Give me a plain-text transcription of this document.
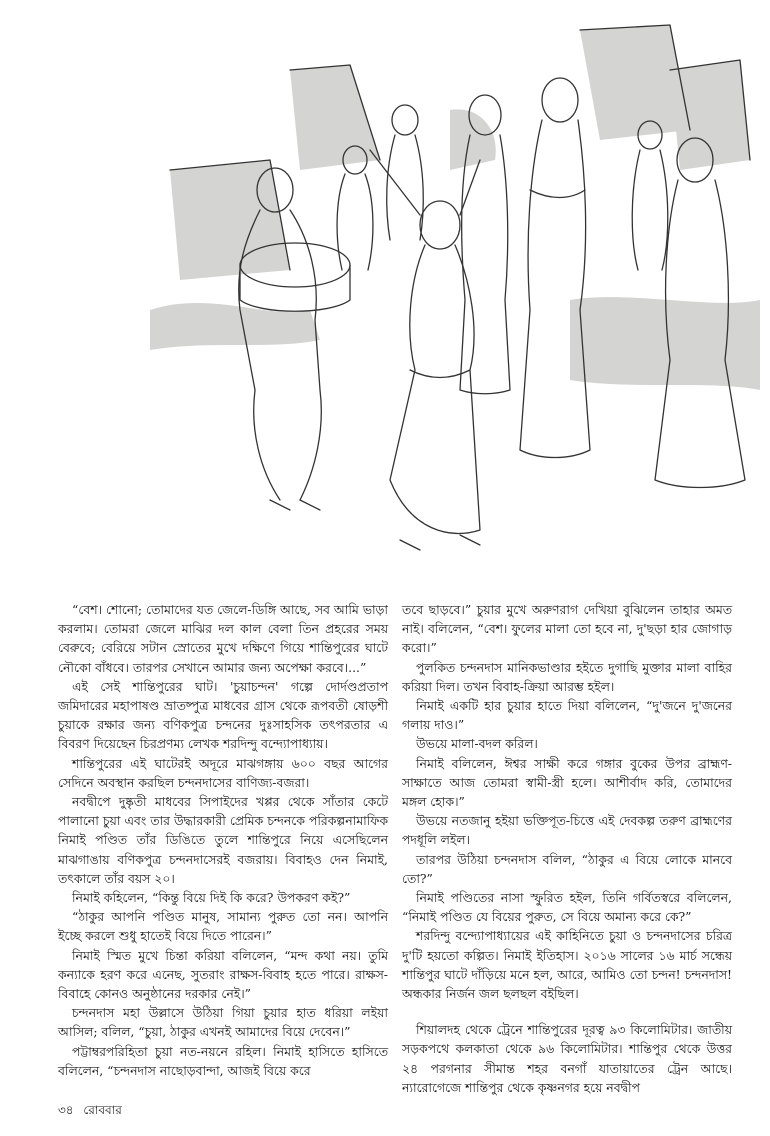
“বেশ। শোনো; তোমাদের যত জেলে-ডিঙ্গি আছে, সব আমি ভাড়া করলাম। তোমরা জেলে মাঝির দল কাল বেলা তিন প্রহরের সময় বেরুবে; বেরিয়ে সটান স্রোতের মুখে দক্ষিণে গিয়ে শান্তিপুরের ঘাটে নৌকো বাঁধবে। তারপর সেখানে আমার জন্য অপেক্ষা করবে।...”

এই সেই শান্তিপুরের ঘাট। 'চুয়াচন্দন' গল্পে দোর্দণ্ডপ্রতাপ জমিদারের মহাপাষণ্ড ভ্রাতষ্পুত্র মাধবের গ্রাস থেকে রূপবতী ষোড়শী চুয়াকে রক্ষার জন্য বণিকপুত্র চন্দনের দুঃসাহসিক তৎপরতার এ বিবরণ দিয়েছেন চিরপ্রণম্য লেখক শরদিন্দু বন্দ্যোপাধ্যায়।

শান্তিপুরের এই ঘাটেরই অদূরে মাঝগঙ্গায় ৬০০ বছর আগের সেদিনে অবস্থান করছিল চন্দনদাসের বাণিজ্য-বজরা।

নবদ্বীপে দুষ্কৃতী মাধবের সিপাইদের খপ্পর থেকে সাঁতার কেটে পালানো চুয়া এবং তার উদ্ধারকারী প্রেমিক চন্দনকে পরিকল্পনামাফিক নিমাই পণ্ডিত তাঁর ডিঙিতে তুলে শান্তিপুরে নিয়ে এসেছিলেন মাঝগাঙায় বণিকপুত্র চন্দনদাসেরই বজরায়। বিবাহও দেন নিমাই, তৎকালে তাঁর বয়স ২০।

নিমাই কহিলেন, “কিন্তু বিয়ে দিই কি করে? উপকরণ কই?”

“ঠাকুর আপনি পণ্ডিত মানুষ, সামান্য পুরুত তো নন। আপনি ইচ্ছে করলে শুধু হাতেই বিয়ে দিতে পারেন।”

নিমাই স্মিত মুখে চিন্তা করিয়া বলিলেন, “মন্দ কথা নয়। তুমি কন্যাকে হরণ করে এনেছ, সুতরাং রাক্ষস-বিবাহ হতে পারে। রাক্ষস-বিবাহে কোনও অনুষ্ঠানের দরকার নেই।”

চন্দনদাস মহা উল্লাসে উঠিয়া গিয়া চুয়ার হাত ধরিয়া লইয়া আসিল; বলিল, “চুয়া, ঠাকুর এখনই আমাদের বিয়ে দেবেন।”

পট্টাম্বরপরিহিতা চুয়া নত-নয়নে রহিল। নিমাই হাসিতে হাসিতে বলিলেন, “চন্দনদাস নাছোড়বান্দা, আজই বিয়ে করে

তবে ছাড়বে।” চুয়ার মুখে অরুণরাগ দেখিয়া বুঝিলেন তাহার অমত নাই। বলিলেন, “বেশ। ফুলের মালা তো হবে না, দু'ছড়া হার জোগাড় করো।”

পুলকিত চন্দনদাস মানিকভাণ্ডার হইতে দুগাছি মুক্তার মালা বাহির করিয়া দিল। তখন বিবাহ-ক্রিয়া আরম্ভ হইল।

নিমাই একটি হার চুয়ার হাতে দিয়া বলিলেন, “দু'জনে দু'জনের গলায় দাও।”

উভয়ে মালা-বদল করিল।

নিমাই বলিলেন, ঈশ্বর সাক্ষী করে গঙ্গার বুকের উপর ব্রাহ্মণ-সাক্ষাতে আজ তোমরা স্বামী-স্ত্রী হলে। আশীর্বাদ করি, তোমাদের মঙ্গল হোক।”

উভয়ে নতজানু হইয়া ভক্তিপূত-চিত্তে এই দেবকল্প তরুণ ব্রাহ্মণের পদধূলি লইল।

তারপর উঠিয়া চন্দনদাস বলিল, “ঠাকুর এ বিয়ে লোকে মানবে তো?”

নিমাই পণ্ডিতের নাসা স্ফুরিত হইল, তিনি গর্বিতস্বরে বলিলেন, “নিমাই পণ্ডিত যে বিয়ের পুরুত, সে বিয়ে অমান্য করে কে?”

শরদিন্দু বন্দ্যোপাধ্যায়ের এই কাহিনিতে চুয়া ও চন্দনদাসের চরিত্র দু'টি হয়তো কল্পিত। নিমাই ইতিহাস। ২০১৬ সালের ১৬ মার্চ সন্ধেয় শান্তিপুর ঘাটে দাঁড়িয়ে মনে হল, আরে, আমিও তো চন্দন! চন্দনদাস! অন্ধকার নির্জন জল ছলছল বইছিল।

শিয়ালদহ থেকে ট্রেনে শান্তিপুরের দূরত্ব ৯৩ কিলোমিটার। জাতীয় সড়কপথে কলকাতা থেকে ৯৬ কিলোমিটার। শান্তিপুর থেকে উত্তর ২৪ পরগনার সীমান্ত শহর বনগাঁ যাতায়াতের ট্রেন আছে। ন্যারোগেজে শান্তিপুর থেকে কৃষ্ণনগর হয়ে নবদ্বীপ

৩৪ রোববার
